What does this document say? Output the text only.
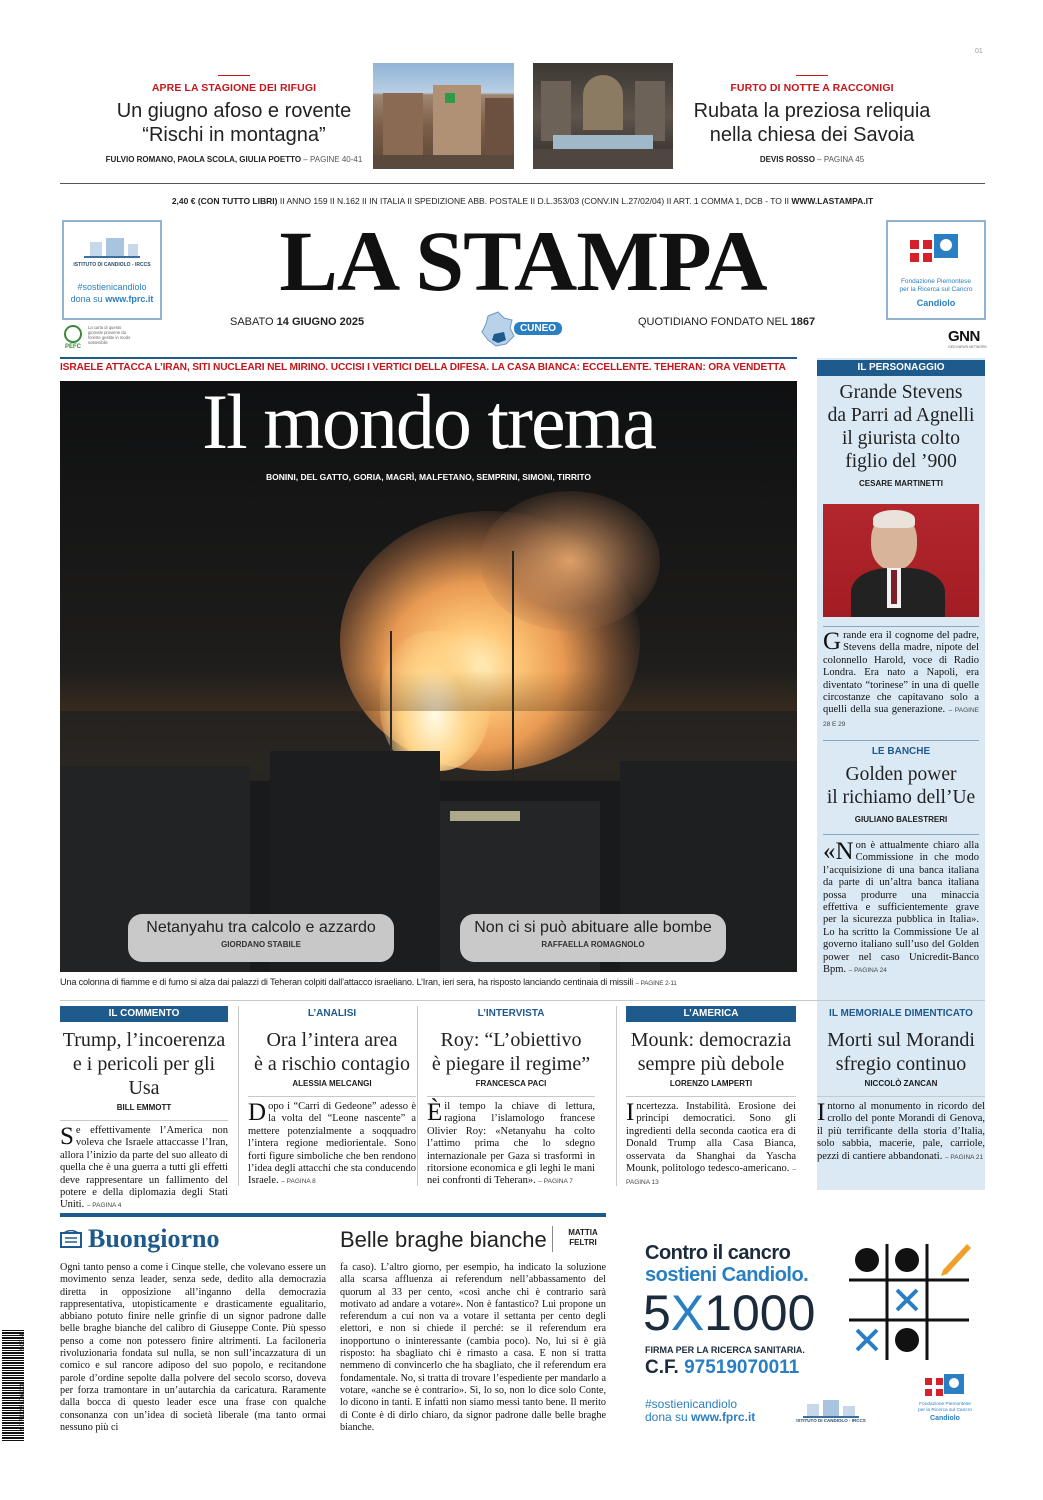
01
APRE LA STAGIONE DEI RIFUGI
Un giugno afoso e rovente
“Rischi in montagna”
FULVIO ROMANO, PAOLA SCOLA, GIULIA POETTO – PAGINE 40-41
FURTO DI NOTTE A RACCONIGI
Rubata la preziosa reliquia
nella chiesa dei Savoia
DEVIS ROSSO – PAGINA 45
2,40 € (CON TUTTO LIBRI) II ANNO 159 II N.162 II IN ITALIA II SPEDIZIONE ABB. POSTALE II D.L.353/03 (CONV.IN L.27/02/04) II ART. 1 COMMA 1, DCB - TO II WWW.LASTAMPA.IT
ISTITUTO DI CANDIOLO - IRCCS
#sostienicandiolo
dona su www.fprc.it
PEFC
La carta di questo giornale proviene da foreste gestite in modo sostenibile
LA STAMPA
SABATO 14 GIUGNO 2025
CUNEO
QUOTIDIANO FONDATO NEL 1867
Fondazione Piemontese
per la Ricerca sul Cancro
Candiolo
GNN
GEDI NEWS NETWORK
ISRAELE ATTACCA L’IRAN, SITI NUCLEARI NEL MIRINO. UCCISI I VERTICI DELLA DIFESA. LA CASA BIANCA: ECCELLENTE. TEHERAN: ORA VENDETTA
Il mondo trema
BONINI, DEL GATTO, GORIA, MAGRÌ, MALFETANO, SEMPRINI, SIMONI, TIRRITO
Netanyahu tra calcolo e azzardo
GIORDANO STABILE
Non ci si può abituare alle bombe
RAFFAELLA ROMAGNOLO
Una colonna di fiamme e di fumo si alza dai palazzi di Teheran colpiti dall’attacco israeliano. L’Iran, ieri sera, ha risposto lanciando centinaia di missili – PAGINE 2-11
IL PERSONAGGIO
Grande Stevens
da Parri ad Agnelli
il giurista colto
figlio del ’900
CESARE MARTINETTI
Grande era il cognome del padre, Stevens della madre, nipote del colonnello Harold, voce di Radio Londra. Era nato a Napoli, era diventato “torinese” in una di quelle circostanze che capitavano solo a quelli della sua generazione. – PAGINE 28 E 29
LE BANCHE
Golden power
il richiamo dell’Ue
GIULIANO BALESTRERI
«Non è attualmente chiaro alla Commissione in che modo l’acquisizione di una banca italiana da parte di un’altra banca italiana possa produrre una minaccia effettiva e sufficientemente grave per la sicurezza pubblica in Italia». Lo ha scritto la Commissione Ue al governo italiano sull’uso del Golden power nel caso Unicredit-Banco Bpm. – PAGINA 24
IL COMMENTO
Trump, l’incoerenza
e i pericoli per gli Usa
BILL EMMOTT
Se effettivamente l’America non voleva che Israele attaccasse l’Iran, allora l’inizio da parte del suo alleato di quella che è una guerra a tutti gli effetti deve rappresentare un fallimento del potere e della diplomazia degli Stati Uniti. – PAGINA 4
L’ANALISI
Ora l’intera area
è a rischio contagio
ALESSIA MELCANGI
Dopo i “Carri di Gedeone” adesso è la volta del “Leone nascente” a mettere potenzialmente a soqquadro l’intera regione mediorientale. Sono forti figure simboliche che ben rendono l’idea degli attacchi che sta conducendo Israele. – PAGINA 8
L’INTERVISTA
Roy: “L’obiettivo
è piegare il regime”
FRANCESCA PACI
Èil tempo la chiave di lettura, ragiona l’islamologo francese Olivier Roy: «Netanyahu ha colto l’attimo prima che lo sdegno internazionale per Gaza si trasformi in ritorsione economica e gli leghi le mani nei confronti di Teheran». – PAGINA 7
L’AMERICA
Mounk: democrazia
sempre più debole
LORENZO LAMPERTI
Incertezza. Instabilità. Erosione dei principi democratici. Sono gli ingredienti della seconda caotica era di Donald Trump alla Casa Bianca, osservata da Shanghai da Yascha Mounk, politologo tedesco-americano. – PAGINA 13
IL MEMORIALE DIMENTICATO
Morti sul Morandi
sfregio continuo
NICCOLÒ ZANCAN
Intorno al monumento in ricordo del crollo del ponte Morandi di Genova, il più terrificante della storia d’Italia, solo sabbia, macerie, pale, carriole, pezzi di cantiere abbandonati. – PAGINA 21
Buongiorno	Belle braghe bianche	MATTIA
FELTRI
Ogni tanto penso a come i Cinque stelle, che volevano essere un movimento senza leader, senza sede, dedito alla democrazia diretta in opposizione all’inganno della democrazia rappresentativa, utopisticamente e drasticamente egualitario, abbiano potuto finire nelle grinfie di un signor padrone dalle belle braghe bianche del calibro di Giuseppe Conte. Più spesso penso a come non potessero finire altrimenti. La faciloneria rivoluzionaria fondata sul nulla, se non sull’incazzatura di un comico e sul rancore adiposo del suo popolo, e recitandone parole d’ordine sepolte dalla polvere del secolo scorso, doveva per forza tramontare in un’autarchia da caricatura. Raramente dalla bocca di questo leader esce una frase con qualche consonanza con un’idea di società liberale (ma tanto ormai nessuno più ci
fa caso). L’altro giorno, per esempio, ha indicato la soluzione alla scarsa affluenza ai referendum nell’abbassamento del quorum al 33 per cento, «così anche chi è contrario sarà motivato ad andare a votare». Non è fantastico? Lui propone un referendum a cui non va a votare il settanta per cento degli elettori, e non si chiede il perché: se il referendum era inopportuno o ininteressante (cambia poco). No, lui si è già risposto: ha sbagliato chi è rimasto a casa. E non si tratta nemmeno di convincerlo che ha sbagliato, che il referendum era fondamentale. No, si tratta di trovare l’espediente per mandarlo a votare, «anche se è contrario». Sì, lo so, non lo dice solo Conte, lo dicono in tanti. E infatti non siamo messi tanto bene. Il merito di Conte è di dirlo chiaro, da signor padrone dalle belle braghe bianche.
9 771122 176133
50614
Contro il cancro
sostieni Candiolo.
5X1000
FIRMA PER LA RICERCA SANITARIA.
C.F. 97519070011
#sostienicandiolo
dona su www.fprc.it	ISTITUTO DI CANDIOLO - IRCCS
Fondazione Piemontese
per la Ricerca sul Cancro
Candiolo
